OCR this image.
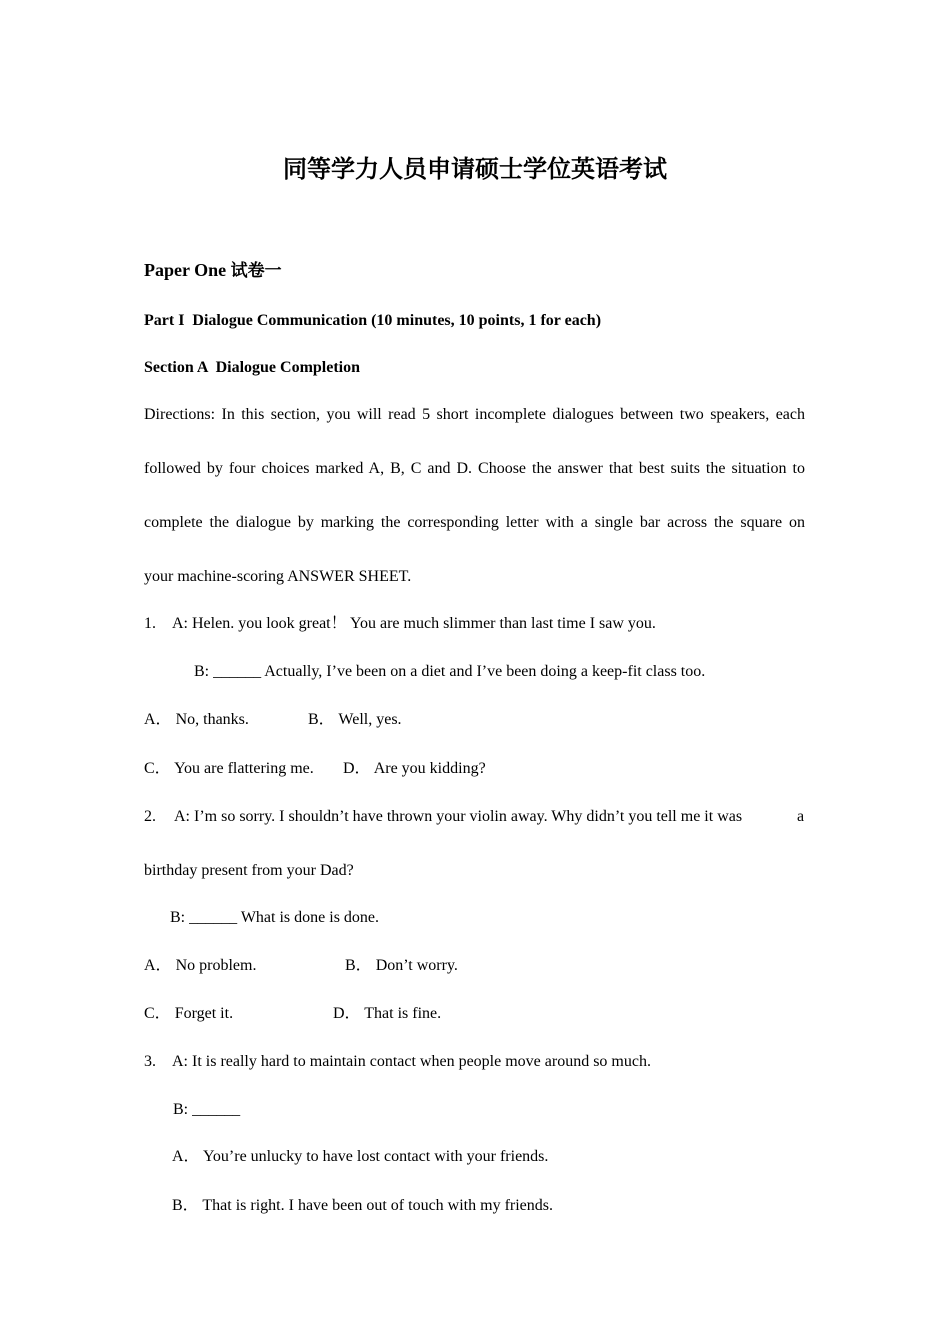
同等学力人员申请硕士学位英语考试
Paper One 试卷一
Part I  Dialogue Communication (10 minutes, 10 points, 1 for each)
Section A  Dialogue Completion
Directions: In this section, you will read 5 short incomplete dialogues between two speakers, each
followed by four choices marked A, B, C and D. Choose the answer that best suits the situation to
complete the dialogue by marking the corresponding letter with a single bar across the square on
your machine-scoring ANSWER SHEET.
1. A: Helen. you look great！ You are much slimmer than last time I saw you.
B: ______ Actually, I’ve been on a diet and I’ve been doing a keep-fit class too.
A． No, thanks.	B． Well, yes.
C． You are flattering me. D． Are you kidding?
2. A: I’m so sorry. I shouldn’t have thrown your violin away. Why didn’t you tell me it was	a
birthday present from your Dad?
B: ______ What is done is done.
A． No problem.	B． Don’t worry.
C． Forget it.	D． That is fine.
3. A: It is really hard to maintain contact when people move around so much.
B: ______
A． You’re unlucky to have lost contact with your friends.
B． That is right. I have been out of touch with my friends.
